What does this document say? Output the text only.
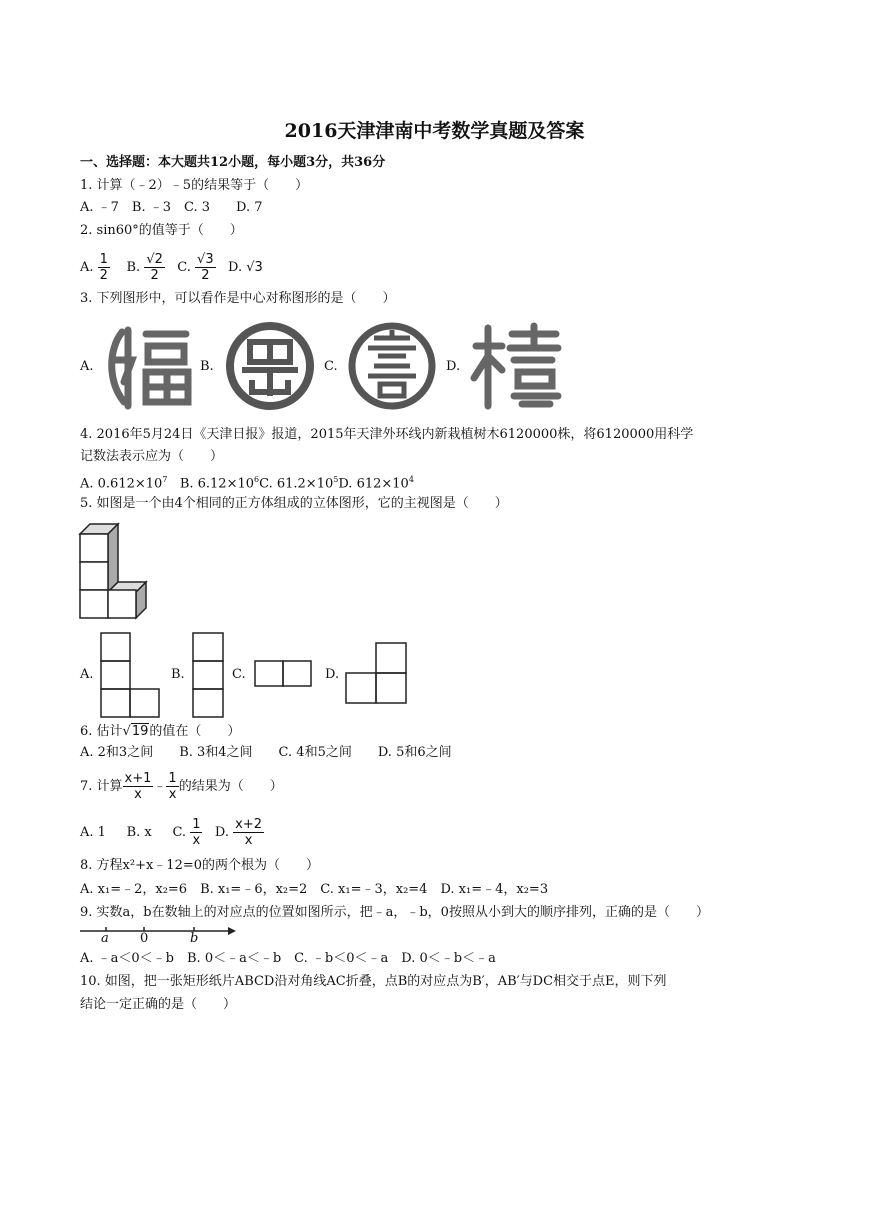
2016天津津南中考数学真题及答案
一、选择题：本大题共12小题，每小题3分，共36分
1. 计算（﹣2）﹣5的结果等于（　　）
A. ﹣7　B. ﹣3　C. 3　　D. 7
2. sin60°的值等于（　　）
A. $\frac{1}{2} B$. $\frac{√2}{2} C$. $\frac{√3}{2} D$. √3
3. 下列图形中，可以看作是中心对称图形的是（　　）
A.	B.	C.	D.
4. 2016年5月24日《天津日报》报道，2015年天津外环线内新栽植树木6120000株，将6120000用科学
记数法表示应为（　　）
A. $0.612\times 10^7$ B. $6.12\times 10^6C$. $61.2\times 10^5D$. $612\times 10^4$
5. 如图是一个由4个相同的正方体组成的立体图形，它的主视图是（　　）
A.	B.	C.	D.
6. 估计√19的值在（　　）
A. 2和3之间　　B. 3和4之间　　C. 4和5之间　　D. 5和6之间
7. 计算 $\frac{x+1}{x}$ ﹣ $\frac{1}{x}$ 的结果为（　　）
A. 1 B. x C. $\frac{1}{x} D$. $\frac{x+2}{x}$
8. 方程x²+x﹣12=0的两个根为（　　）
A. x₁=﹣2，x₂=6　B. x₁=﹣6，x₂=2　C. x₁=﹣3，x₂=4　D. x₁=﹣4，x₂=3
9. 实数a，b在数轴上的对应点的位置如图所示，把﹣a，﹣b，0按照从小到大的顺序排列，正确的是（　　）
a 0	b
A. ﹣a＜0＜﹣b　B. 0＜﹣a＜﹣b　C. ﹣b＜0＜﹣a　D. 0＜﹣b＜﹣a
10. 如图，把一张矩形纸片ABCD沿对角线AC折叠，点B的对应点为B′，AB′与DC相交于点E，则下列
结论一定正确的是（　　）
